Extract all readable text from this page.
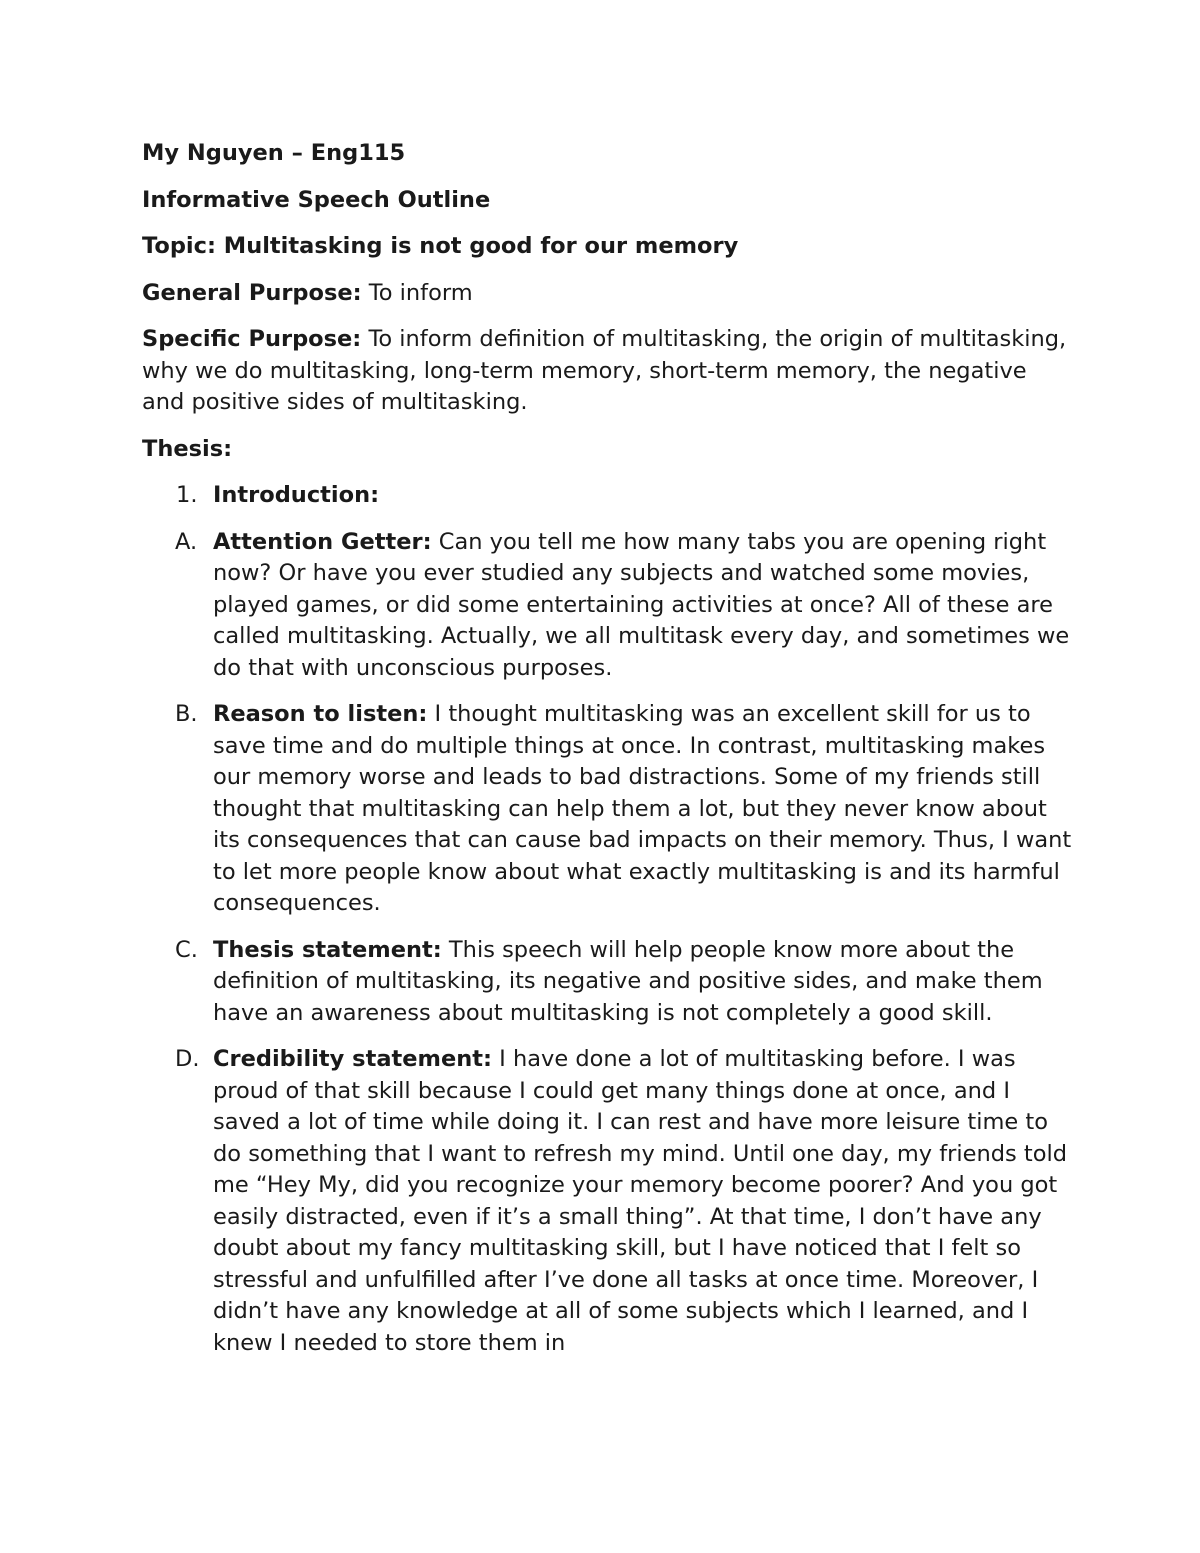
My Nguyen – Eng115

Informative Speech Outline

Topic: Multitasking is not good for our memory

General Purpose: To inform

Specific Purpose: To inform definition of multitasking, the origin of multitasking, why we do multitasking, long-term memory, short-term memory, the negative and positive sides of multitasking.

Thesis:

1. Introduction:
A. Attention Getter: Can you tell me how many tabs you are opening right now? Or have you ever studied any subjects and watched some movies, played games, or did some entertaining activities at once? All of these are called multitasking. Actually, we all multitask every day, and sometimes we do that with unconscious purposes.
B. Reason to listen: I thought multitasking was an excellent skill for us to save time and do multiple things at once. In contrast, multitasking makes our memory worse and leads to bad distractions. Some of my friends still thought that multitasking can help them a lot, but they never know about its consequences that can cause bad impacts on their memory. Thus, I want to let more people know about what exactly multitasking is and its harmful consequences.
C. Thesis statement: This speech will help people know more about the definition of multitasking, its negative and positive sides, and make them have an awareness about multitasking is not completely a good skill.
D. Credibility statement: I have done a lot of multitasking before. I was proud of that skill because I could get many things done at once, and I saved a lot of time while doing it. I can rest and have more leisure time to do something that I want to refresh my mind. Until one day, my friends told me “Hey My, did you recognize your memory become poorer? And you got easily distracted, even if it’s a small thing”. At that time, I don’t have any doubt about my fancy multitasking skill, but I have noticed that I felt so stressful and unfulfilled after I’ve done all tasks at once time. Moreover, I didn’t have any knowledge at all of some subjects which I learned, and I knew I needed to store them in
